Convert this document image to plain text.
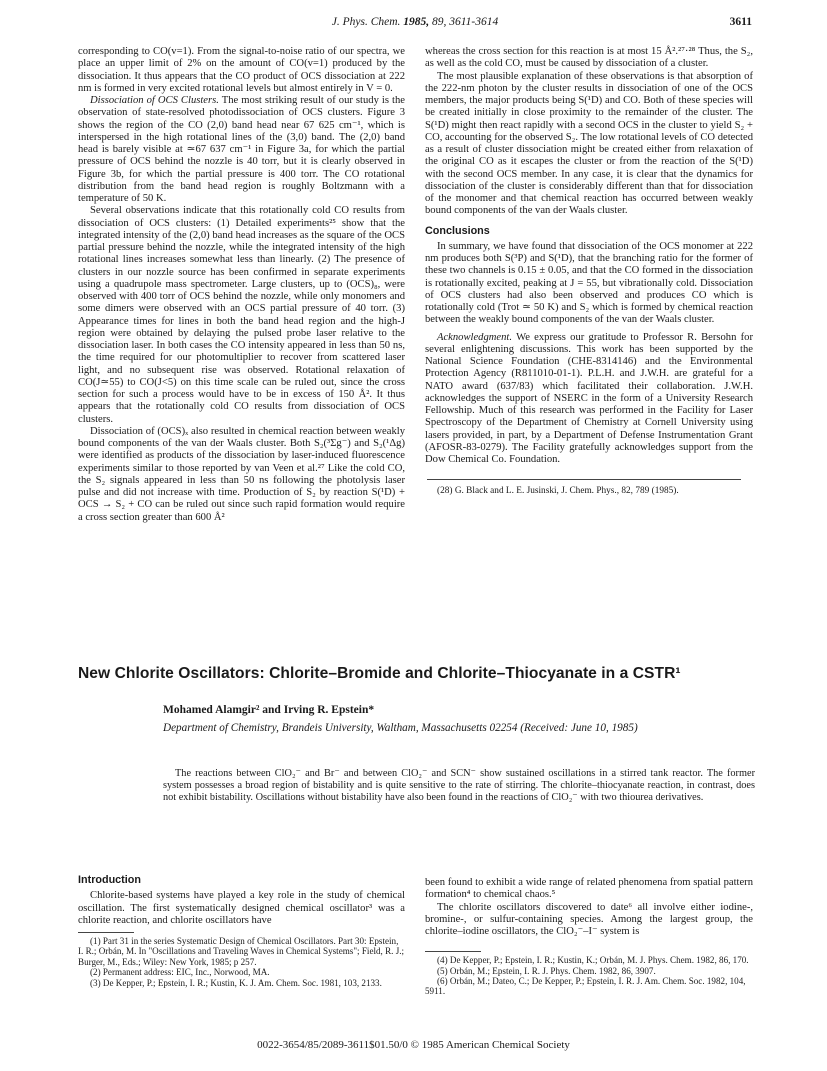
J. Phys. Chem. 1985, 89, 3611-3614	3611

corresponding to CO(v=1). From the signal-to-noise ratio of our spectra, we place an upper limit of 2% on the amount of CO(v=1) produced by the dissociation. It thus appears that the CO product of OCS dissociation at 222 nm is formed in very excited rotational levels but almost entirely in V = 0.

Dissociation of OCS Clusters. The most striking result of our study is the observation of state-resolved photodissociation of OCS clusters. Figure 3 shows the region of the CO (2,0) band head near 67 625 cm⁻¹, which is interspersed in the high rotational lines of the (3,0) band. The (2,0) band head is barely visible at ≃67 637 cm⁻¹ in Figure 3a, for which the partial pressure of OCS behind the nozzle is 40 torr, but it is clearly observed in Figure 3b, for which the partial pressure is 400 torr. The CO rotational distribution from the band head region is roughly Boltzmann with a temperature of 50 K.

Several observations indicate that this rotationally cold CO results from dissociation of OCS clusters: (1) Detailed experiments²⁵ show that the integrated intensity of the (2,0) band head increases as the square of the OCS partial pressure behind the nozzle, while the integrated intensity of the high rotational lines increases somewhat less than linearly. (2) The presence of clusters in our nozzle source has been confirmed in separate experiments using a quadrupole mass spectrometer. Large clusters, up to (OCS)₈, were observed with 400 torr of OCS behind the nozzle, while only monomers and some dimers were observed with an OCS partial pressure of 40 torr. (3) Appearance times for lines in both the band head region and the high-J region were obtained by delaying the pulsed probe laser relative to the dissociation laser. In both cases the CO intensity appeared in less than 50 ns, the time required for our photomultiplier to recover from scattered laser light, and no subsequent rise was observed. Rotational relaxation of CO(J≃55) to CO(J<5) on this time scale can be ruled out, since the cross section for such a process would have to be in excess of 150 Å². It thus appears that the rotationally cold CO results from dissociation of OCS clusters.

Dissociation of (OCS)ₓ also resulted in chemical reaction between weakly bound components of the van der Waals cluster. Both S₂(³Σg⁻) and S₂(¹Δg) were identified as products of the dissociation by laser-induced fluorescence experiments similar to those reported by van Veen et al.²⁷ Like the cold CO, the S₂ signals appeared in less than 50 ns following the photolysis laser pulse and did not increase with time. Production of S₂ by reaction S(¹D) + OCS → S₂ + CO can be ruled out since such rapid formation would require a cross section greater than 600 Å²

whereas the cross section for this reaction is at most 15 Å².²⁷·²⁸ Thus, the S₂, as well as the cold CO, must be caused by dissociation of a cluster.

The most plausible explanation of these observations is that absorption of the 222-nm photon by the cluster results in dissociation of one of the OCS members, the major products being S(¹D) and CO. Both of these species will be created initially in close proximity to the remainder of the cluster. The S(¹D) might then react rapidly with a second OCS in the cluster to yield S₂ + CO, accounting for the observed S₂. The low rotational levels of CO detected as a result of cluster dissociation might be created either from relaxation of the original CO as it escapes the cluster or from the reaction of the S(¹D) with the second OCS member. In any case, it is clear that the dynamics for dissociation of the cluster is considerably different than that for dissociation of the monomer and that chemical reaction has occurred between weakly bound components of the van der Waals cluster.

Conclusions

In summary, we have found that dissociation of the OCS monomer at 222 nm produces both S(³P) and S(¹D), that the branching ratio for the former of these two channels is 0.15 ± 0.05, and that the CO formed in the dissociation is rotationally excited, peaking at J = 55, but vibrationally cold. Dissociation of OCS clusters had also been observed and produces CO which is rotationally cold (Trot ≃ 50 K) and S₂ which is formed by chemical reaction between the weakly bound components of the van der Waals cluster.

Acknowledgment. We express our gratitude to Professor R. Bersohn for several enlightening discussions. This work has been supported by the National Science Foundation (CHE-8314146) and the Environmental Protection Agency (R811010-01-1). P.L.H. and J.W.H. are grateful for a NATO award (637/83) which facilitated their collaboration. J.W.H. acknowledges the support of NSERC in the form of a University Research Fellowship. Much of this research was performed in the Facility for Laser Spectroscopy of the Department of Chemistry at Cornell University using lasers provided, in part, by a Department of Defense Instrumentation Grant (AFOSR-83-0279). The Facility gratefully acknowledges support from the Dow Chemical Co. Foundation.

(28) G. Black and L. E. Jusinski, J. Chem. Phys., 82, 789 (1985).
New Chlorite Oscillators: Chlorite–Bromide and Chlorite–Thiocyanate in a CSTR¹
Mohamed Alamgir² and Irving R. Epstein*
Department of Chemistry, Brandeis University, Waltham, Massachusetts 02254 (Received: June 10, 1985)

The reactions between ClO₂⁻ and Br⁻ and between ClO₂⁻ and SCN⁻ show sustained oscillations in a stirred tank reactor. The former system possesses a broad region of bistability and is quite sensitive to the rate of stirring. The chlorite–thiocyanate reaction, in contrast, does not exhibit bistability. Oscillations without bistability have also been found in the reactions of ClO₂⁻ with two thiourea derivatives.

Introduction

Chlorite-based systems have played a key role in the study of chemical oscillation. The first systematically designed chemical oscillator³ was a chlorite reaction, and chlorite oscillators have

(1) Part 31 in the series Systematic Design of Chemical Oscillators. Part 30: Epstein, I. R.; Orbán, M. In "Oscillations and Traveling Waves in Chemical Systems"; Field, R. J.; Burger, M., Eds.; Wiley: New York, 1985; p 257.

(2) Permanent address: EIC, Inc., Norwood, MA.

(3) De Kepper, P.; Epstein, I. R.; Kustin, K. J. Am. Chem. Soc. 1981, 103, 2133.

been found to exhibit a wide range of related phenomena from spatial pattern formation⁴ to chemical chaos.⁵

The chlorite oscillators discovered to date⁶ all involve either iodine-, bromine-, or sulfur-containing species. Among the largest group, the chlorite–iodine oscillators, the ClO₂⁻–I⁻ system is

(4) De Kepper, P.; Epstein, I. R.; Kustin, K.; Orbán, M. J. Phys. Chem. 1982, 86, 170.

(5) Orbán, M.; Epstein, I. R. J. Phys. Chem. 1982, 86, 3907.

(6) Orbán, M.; Dateo, C.; De Kepper, P.; Epstein, I. R. J. Am. Chem. Soc. 1982, 104, 5911.

0022-3654/85/2089-3611$01.50/0 © 1985 American Chemical Society
